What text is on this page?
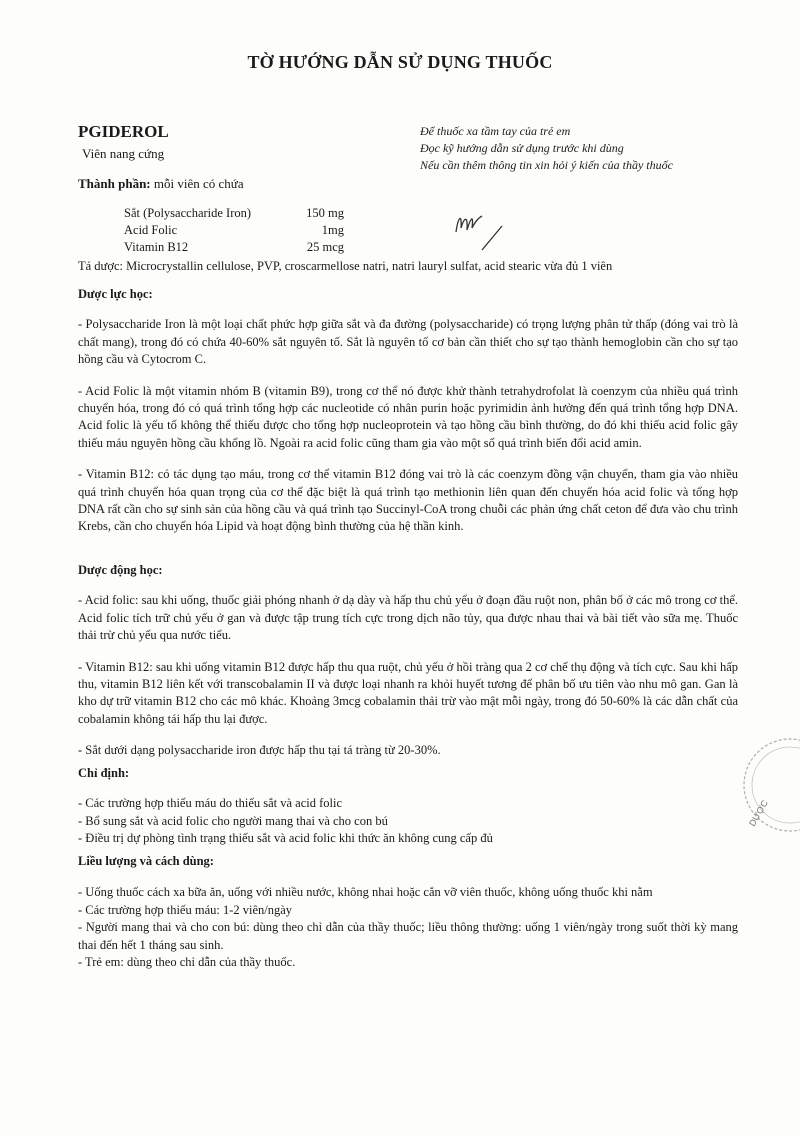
TỜ HƯỚNG DẪN SỬ DỤNG THUỐC
PGIDEROL
Viên nang cứng
Để thuốc xa tầm tay của trẻ em
Đọc kỹ hướng dẫn sử dụng trước khi dùng
Nếu cần thêm thông tin xin hỏi ý kiến của thầy thuốc
Thành phần: mỗi viên có chứa
Sắt (Polysaccharide Iron)	150 mg
Acid Folic	1mg
Vitamin B12	25 mcg
Tá dược: Microcrystallin cellulose, PVP, croscarmellose natri, natri lauryl sulfat, acid stearic vừa đủ 1 viên

Dược lực học:

- Polysaccharide Iron là một loại chất phức hợp giữa sắt và đa đường (polysaccharide) có trọng lượng phân tử thấp (đóng vai trò là chất mang), trong đó có chứa 40-60% sắt nguyên tố. Sắt là nguyên tố cơ bản cần thiết cho sự tạo thành hemoglobin cần cho sự tạo hồng cầu và Cytocrom C.

- Acid Folic là một vitamin nhóm B (vitamin B9), trong cơ thể nó được khử thành tetrahydrofolat là coenzym của nhiều quá trình chuyển hóa, trong đó có quá trình tổng hợp các nucleotide có nhân purin hoặc pyrimidin ảnh hưởng đến quá trình tổng hợp DNA. Acid folic là yếu tố không thể thiếu được cho tổng hợp nucleoprotein và tạo hồng cầu bình thường, do đó khi thiếu acid folic gây thiếu máu nguyên hồng cầu khổng lồ. Ngoài ra acid folic cũng tham gia vào một số quá trình biến đổi acid amin.

- Vitamin B12: có tác dụng tạo máu, trong cơ thể vitamin B12 đóng vai trò là các coenzym đồng vận chuyển, tham gia vào nhiều quá trình chuyển hóa quan trọng của cơ thể đặc biệt là quá trình tạo methionin liên quan đến chuyển hóa acid folic và tổng hợp DNA rất cần cho sự sinh sản của hồng cầu và quá trình tạo Succinyl-CoA trong chuỗi các phản ứng chất ceton để đưa vào chu trình Krebs, cần cho chuyển hóa Lipid và hoạt động bình thường của hệ thần kinh.

Dược động học:

- Acid folic: sau khi uống, thuốc giải phóng nhanh ở dạ dày và hấp thu chủ yếu ở đoạn đầu ruột non, phân bố ở các mô trong cơ thể. Acid folic tích trữ chủ yếu ở gan và được tập trung tích cực trong dịch não tủy, qua được nhau thai và bài tiết vào sữa mẹ. Thuốc thải trừ chủ yếu qua nước tiểu.

- Vitamin B12: sau khi uống vitamin B12 được hấp thu qua ruột, chủ yếu ở hồi tràng qua 2 cơ chế thụ động và tích cực. Sau khi hấp thu, vitamin B12 liên kết với transcobalamin II và được loại nhanh ra khỏi huyết tương để phân bố ưu tiên vào nhu mô gan. Gan là kho dự trữ vitamin B12 cho các mô khác. Khoảng 3mcg cobalamin thải trừ vào mật mỗi ngày, trong đó 50-60% là các dẫn chất của cobalamin không tái hấp thu lại được.

- Sắt dưới dạng polysaccharide iron được hấp thu tại tá tràng từ 20-30%.

Chỉ định:

- Các trường hợp thiếu máu do thiếu sắt và acid folic

- Bổ sung sắt và acid folic cho người mang thai và cho con bú

- Điều trị dự phòng tình trạng thiếu sắt và acid folic khi thức ăn không cung cấp đủ

Liều lượng và cách dùng:

- Uống thuốc cách xa bữa ăn, uống với nhiều nước, không nhai hoặc cắn vỡ viên thuốc, không uống thuốc khi nằm

- Các trường hợp thiếu máu: 1-2 viên/ngày

- Người mang thai và cho con bú: dùng theo chỉ dẫn của thầy thuốc; liều thông thường: uống 1 viên/ngày trong suốt thời kỳ mang thai đến hết 1 tháng sau sinh.

- Trẻ em: dùng theo chỉ dẫn của thầy thuốc.

DƯỢC
